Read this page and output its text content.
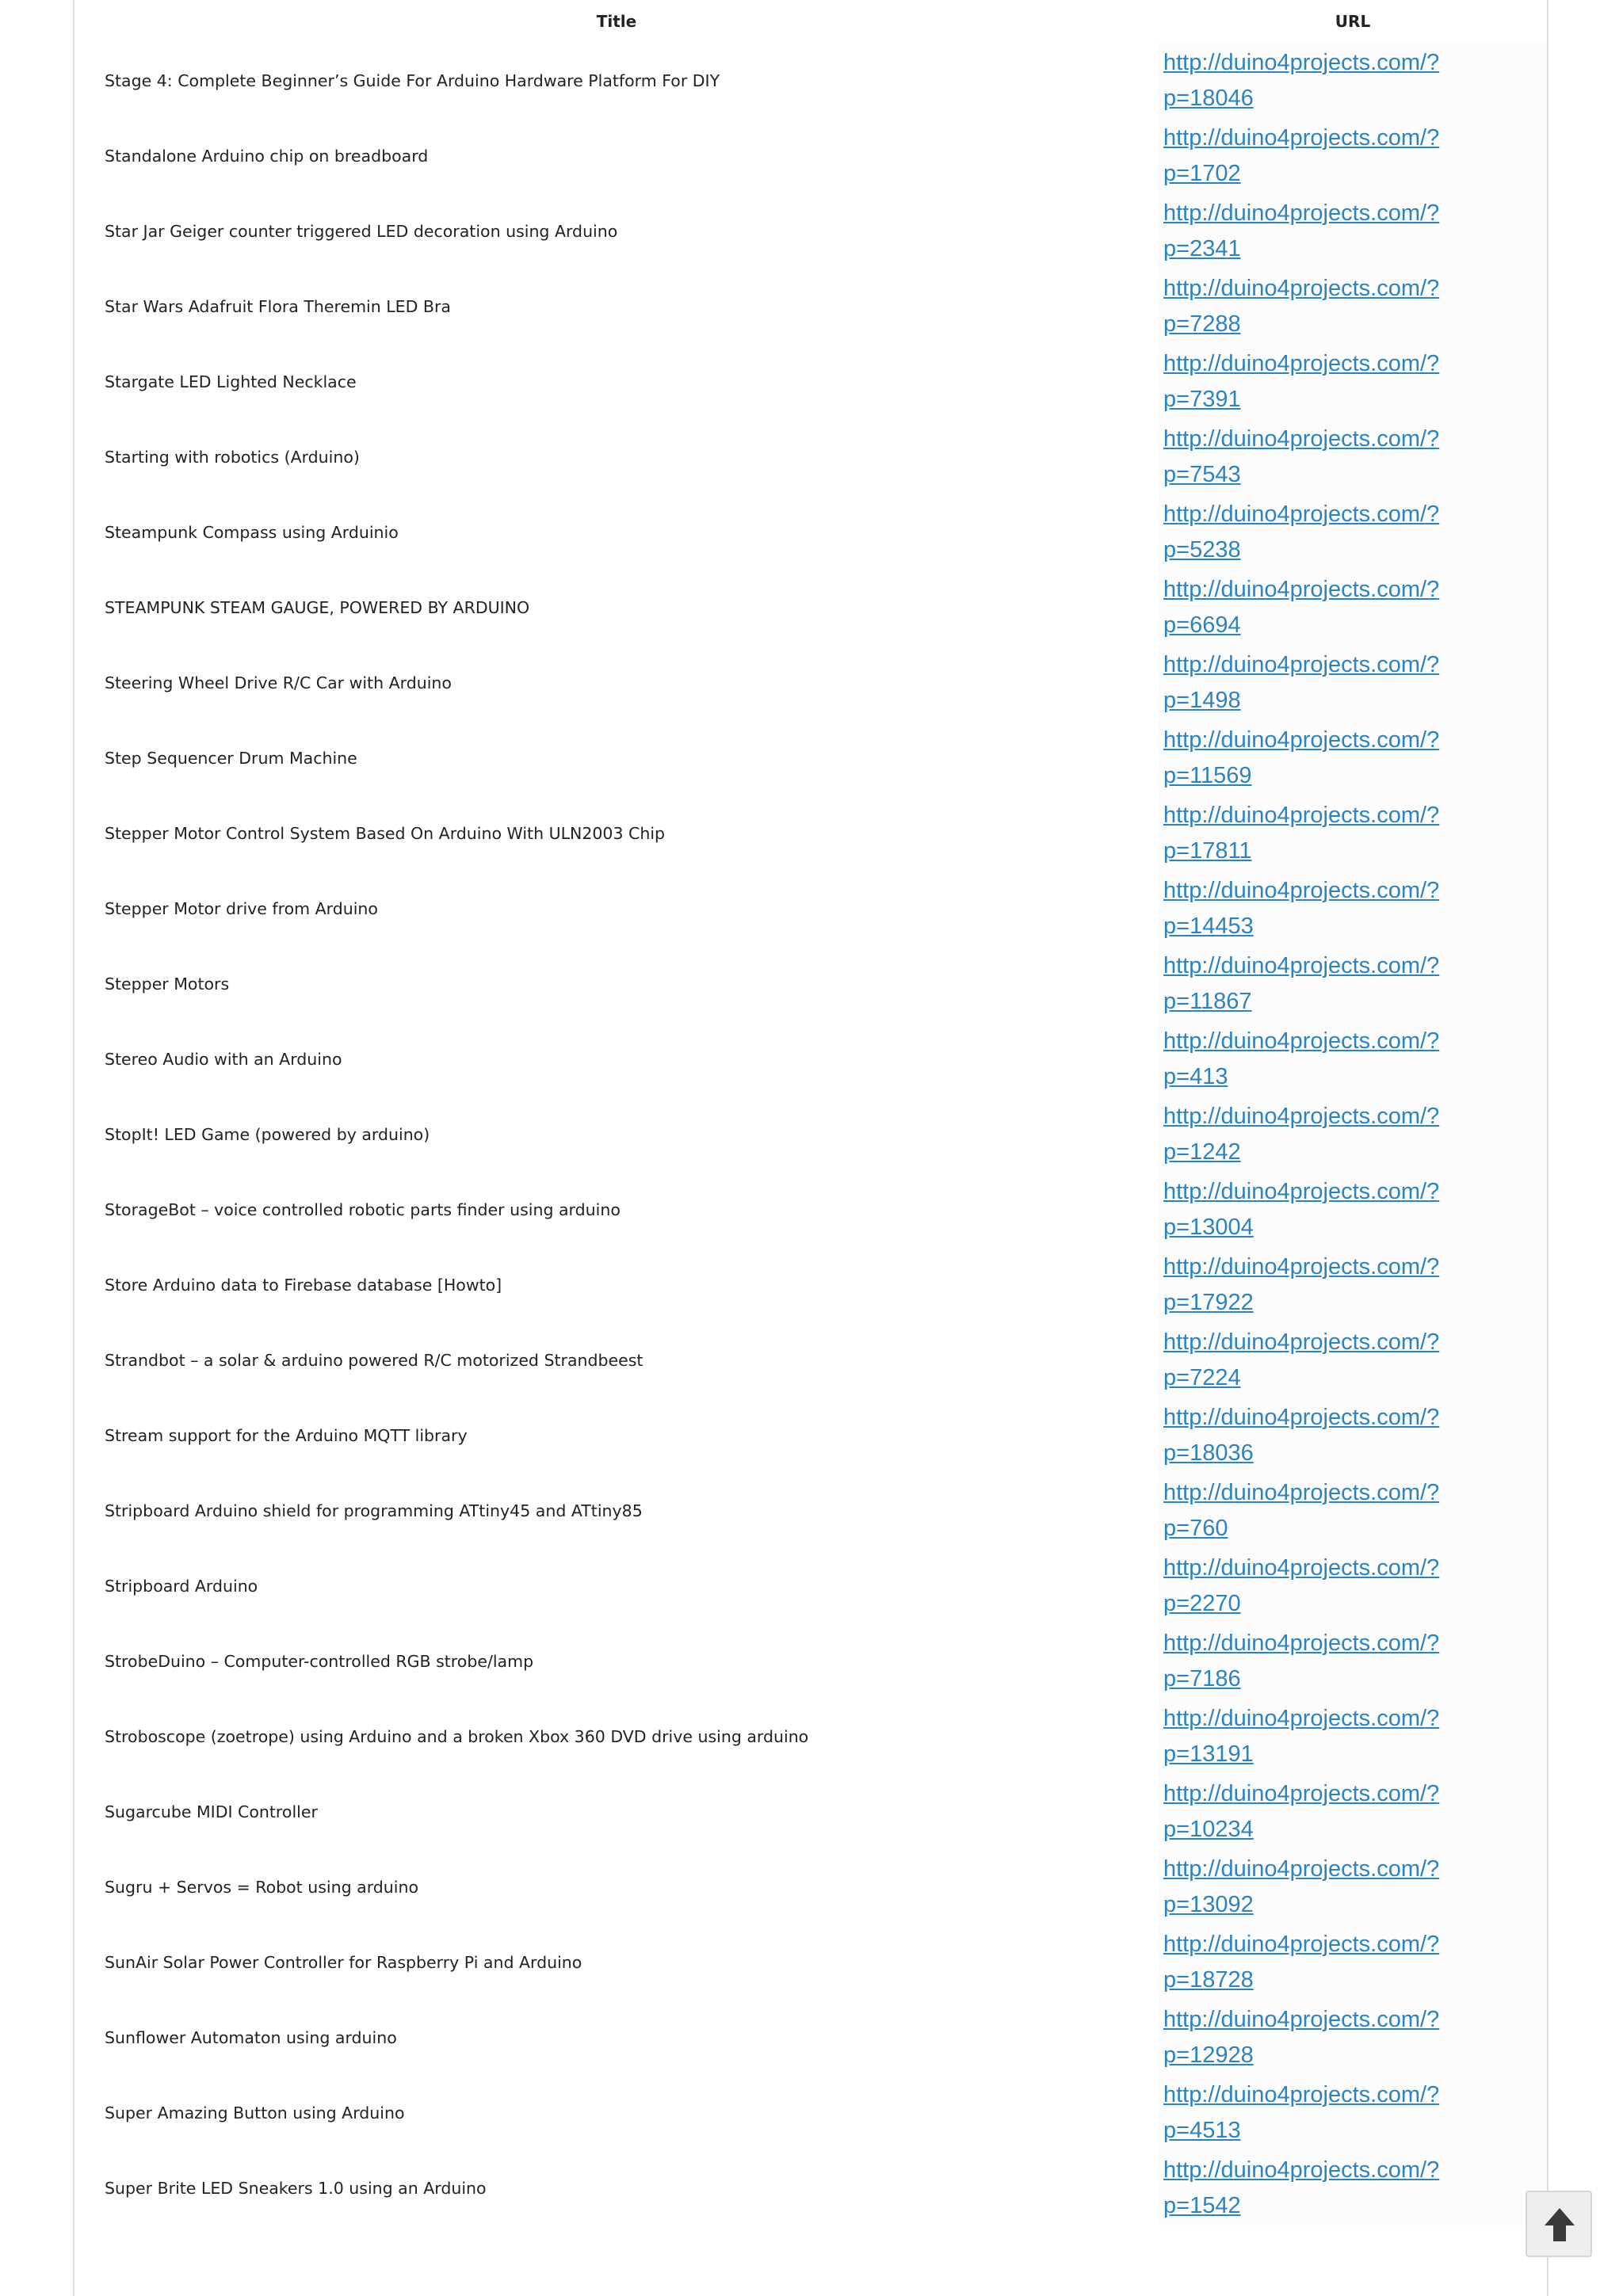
Title	URL
Stage 4: Complete Beginner’s Guide For Arduino Hardware Platform For DIY	http://duino4projects.com/?p=18046

Standalone Arduino chip on breadboard	http://duino4projects.com/?p=1702

Star Jar Geiger counter triggered LED decoration using Arduino	http://duino4projects.com/?p=2341

Star Wars Adafruit Flora Theremin LED Bra	http://duino4projects.com/?p=7288

Stargate LED Lighted Necklace	http://duino4projects.com/?p=7391

Starting with robotics (Arduino)	http://duino4projects.com/?p=7543

Steampunk Compass using Arduinio	http://duino4projects.com/?p=5238

STEAMPUNK STEAM GAUGE, POWERED BY ARDUINO	http://duino4projects.com/?p=6694

Steering Wheel Drive R/C Car with Arduino	http://duino4projects.com/?p=1498

Step Sequencer Drum Machine	http://duino4projects.com/?p=11569

Stepper Motor Control System Based On Arduino With ULN2003 Chip	http://duino4projects.com/?p=17811

Stepper Motor drive from Arduino	http://duino4projects.com/?p=14453

Stepper Motors	http://duino4projects.com/?p=11867

Stereo Audio with an Arduino	http://duino4projects.com/?p=413

StopIt! LED Game (powered by arduino)	http://duino4projects.com/?p=1242

StorageBot – voice controlled robotic parts finder using arduino	http://duino4projects.com/?p=13004

Store Arduino data to Firebase database [Howto]	http://duino4projects.com/?p=17922

Strandbot – a solar & arduino powered R/C motorized Strandbeest	http://duino4projects.com/?p=7224

Stream support for the Arduino MQTT library	http://duino4projects.com/?p=18036

Stripboard Arduino shield for programming ATtiny45 and ATtiny85	http://duino4projects.com/?p=760

Stripboard Arduino	http://duino4projects.com/?p=2270

StrobeDuino – Computer-controlled RGB strobe/lamp	http://duino4projects.com/?p=7186

Stroboscope (zoetrope) using Arduino and a broken Xbox 360 DVD drive using arduino	http://duino4projects.com/?p=13191

Sugarcube MIDI Controller	http://duino4projects.com/?p=10234

Sugru + Servos = Robot using arduino	http://duino4projects.com/?p=13092

SunAir Solar Power Controller for Raspberry Pi and Arduino	http://duino4projects.com/?p=18728

Sunflower Automaton using arduino	http://duino4projects.com/?p=12928

Super Amazing Button using Arduino	http://duino4projects.com/?p=4513

Super Brite LED Sneakers 1.0 using an Arduino	http://duino4projects.com/?p=1542
